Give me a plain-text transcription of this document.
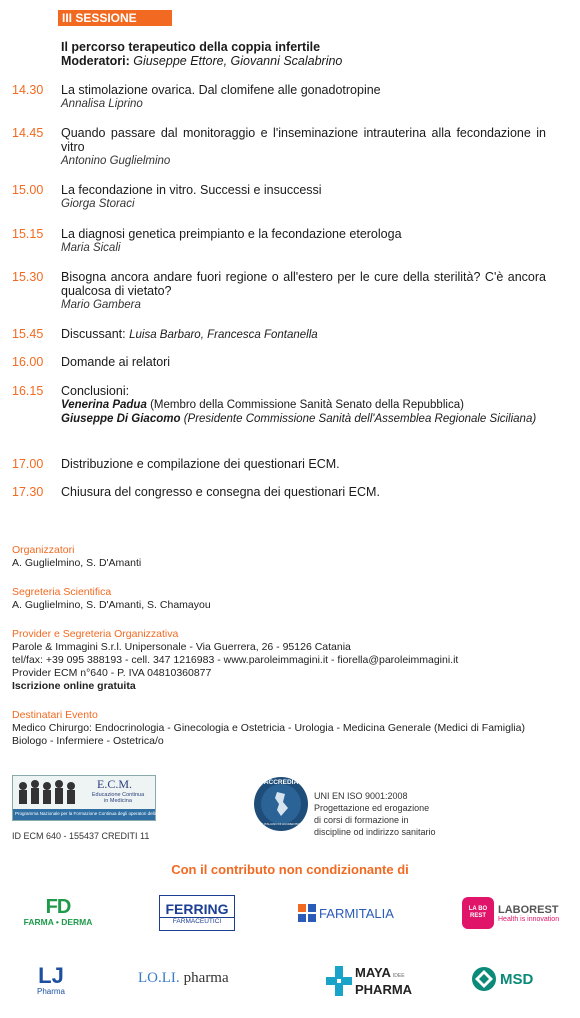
III SESSIONE
Il percorso terapeutico della coppia infertile
Moderatori: Giuseppe Ettore, Giovanni Scalabrino
14.30	La stimolazione ovarica. Dal clomifene alle gonadotropine
Annalisa Liprino
14.45	Quando passare dal monitoraggio e l'inseminazione intrauterina alla fecondazione in vitro
Antonino Guglielmino
15.00	La fecondazione in vitro. Successi e insuccessi
Giorga Storaci
15.15	La diagnosi genetica preimpianto e la fecondazione eterologa
Maria Sicali
15.30	Bisogna ancora andare fuori regione o all'estero per le cure della sterilità? C'è ancora qualcosa di vietato?
Mario Gambera
15.45	Discussant: Luisa Barbaro, Francesca Fontanella
16.00	Domande ai relatori
16.15	Conclusioni:
Venerina Padua (Membro della Commissione Sanità Senato della Repubblica)
Giuseppe Di Giacomo (Presidente Commissione Sanità dell'Assemblea Regionale Siciliana)
17.00	Distribuzione e compilazione dei questionari ECM.
17.30	Chiusura del congresso e consegna dei questionari ECM.
Organizzatori
A. Guglielmino, S. D'Amanti
Segreteria Scientifica
A. Guglielmino, S. D'Amanti, S. Chamayou
Provider e Segreteria Organizzativa
Parole & Immagini S.r.l. Unipersonale - Via Guerrera, 26 - 95126 Catania
tel/fax: +39 095 388193 - cell. 347 1216983 - www.paroleimmagini.it - fiorella@paroleimmagini.it
Provider ECM n°640 - P. IVA 04810360877
Iscrizione online gratuita
Destinatari Evento
Medico Chirurgo: Endocrinologia - Ginecologia e Ostetricia - Urologia - Medicina Generale (Medici di Famiglia)
Biologo - Infermiere - Ostetrica/o
E.C.M.
Educazione Continua
in Medicina
Programma Nazionale per la Formazione Continua degli operatori della Sanità
ID ECM 640 - 155437 CREDITI 11
ACCREDIA
L'ENTE ITALIANO DI ACCREDITAMENTO
UNI EN ISO 9001:2008
Progettazione ed erogazione
di corsi di formazione in
discipline od indirizzo sanitario
Con il contributo non condizionante di
FD
FARMA • DERMA
FERRING
FARMACEUTICI
FARMITALIA	LA BO REST
LABOREST
Health is innovation
LJ
Pharma
LO.LI. pharma	MAYA IDEE
PHARMA
MSD
